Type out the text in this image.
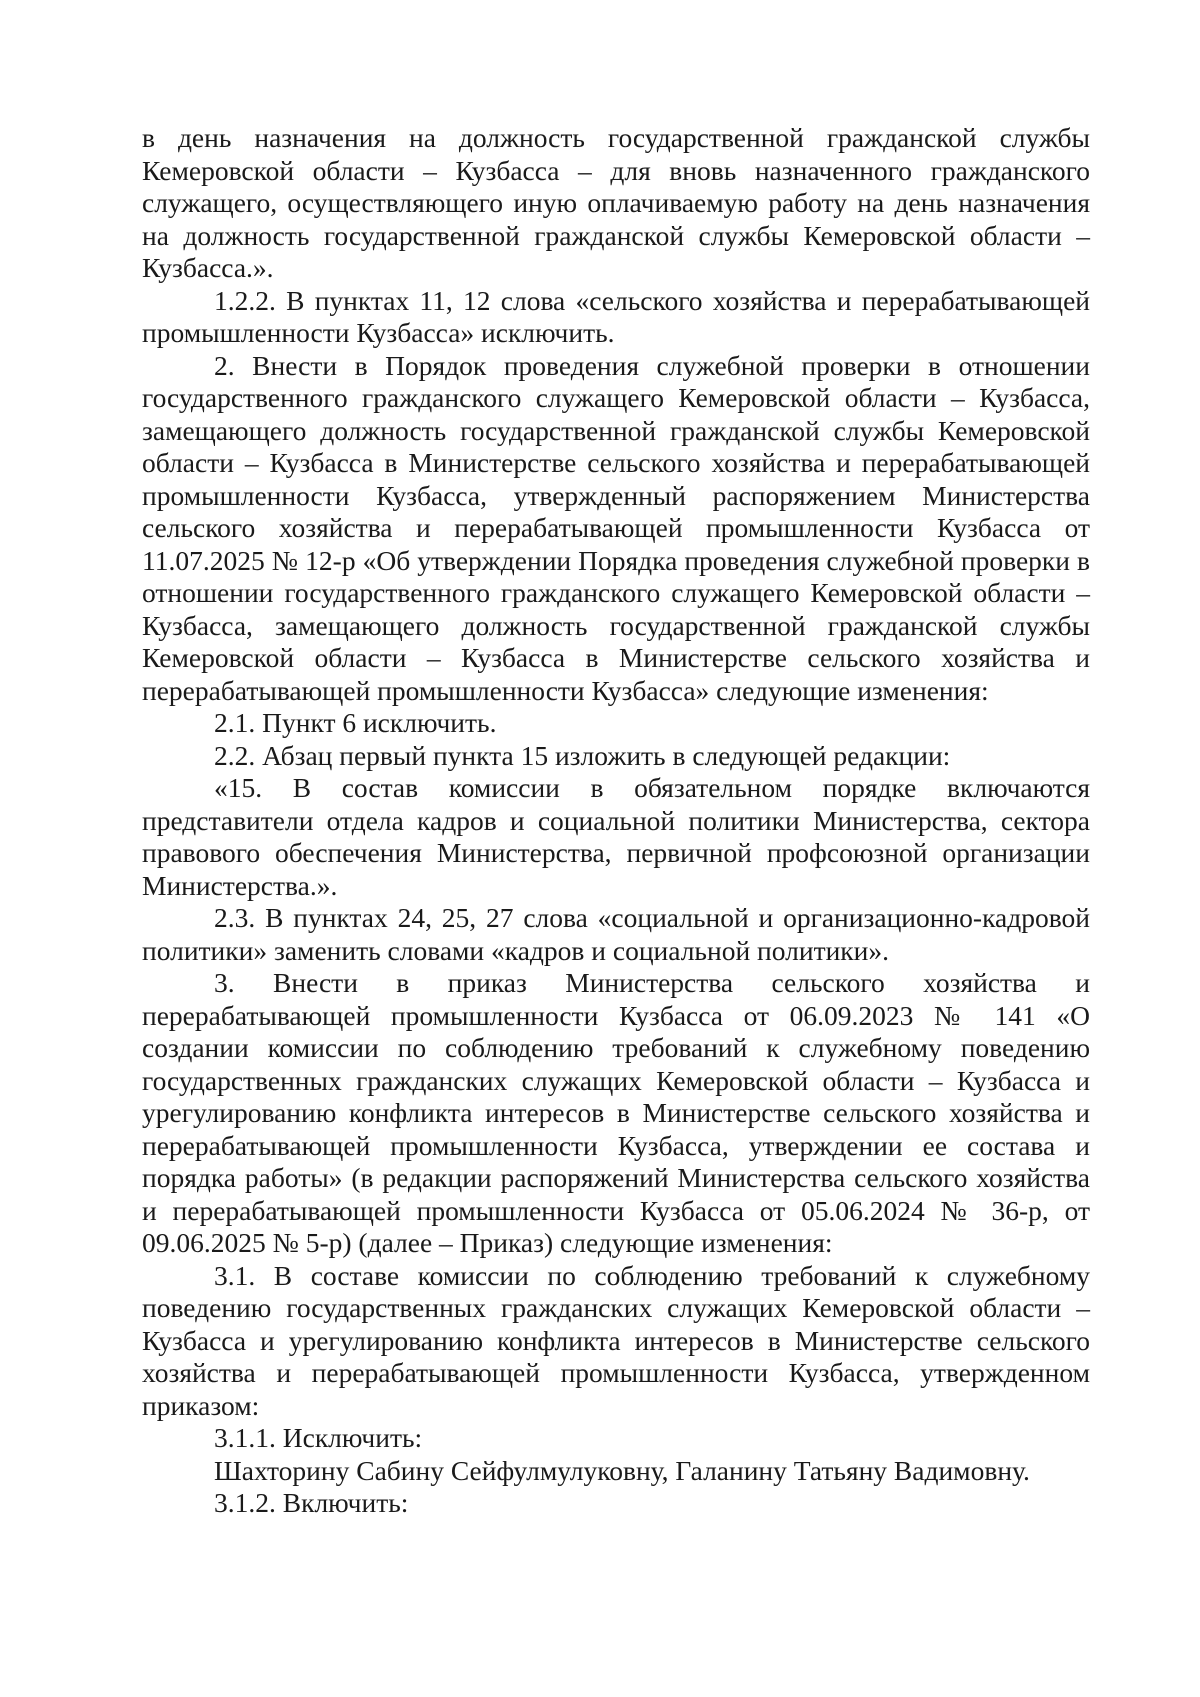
в день назначения на должность государственной гражданской службы Кемеровской области – Кузбасса – для вновь назначенного гражданского служащего, осуществляющего иную оплачиваемую работу на день назначения на должность государственной гражданской службы Кемеровской области – Кузбасса.».

1.2.2. В пунктах 11, 12 слова «сельского хозяйства и перерабатывающей промышленности Кузбасса» исключить.

2. Внести в Порядок проведения служебной проверки в отношении государственного гражданского служащего Кемеровской области – Кузбасса, замещающего должность государственной гражданской службы Кемеровской области – Кузбасса в Министерстве сельского хозяйства и перерабатывающей промышленности Кузбасса, утвержденный распоряжением Министерства сельского хозяйства и перерабатывающей промышленности Кузбасса от 11.07.2025 № 12-р «Об утверждении Порядка проведения служебной проверки в отношении государственного гражданского служащего Кемеровской области – Кузбасса, замещающего должность государственной гражданской службы Кемеровской области – Кузбасса в Министерстве сельского хозяйства и перерабатывающей промышленности Кузбасса» следующие изменения:

2.1. Пункт 6 исключить.

2.2. Абзац первый пункта 15 изложить в следующей редакции:

«15. В состав комиссии в обязательном порядке включаются представители отдела кадров и социальной политики Министерства, сектора правового обеспечения Министерства, первичной профсоюзной организации Министерства.».

2.3. В пунктах 24, 25, 27 слова «социальной и организационно-кадровой политики» заменить словами «кадров и социальной политики».

3. Внести в приказ Министерства сельского хозяйства и перерабатывающей промышленности Кузбасса от 06.09.2023 № 141 «О создании комиссии по соблюдению требований к служебному поведению государственных гражданских служащих Кемеровской области – Кузбасса и урегулированию конфликта интересов в Министерстве сельского хозяйства и перерабатывающей промышленности Кузбасса, утверждении ее состава и порядка работы» (в редакции распоряжений Министерства сельского хозяйства и перерабатывающей промышленности Кузбасса от 05.06.2024 № 36-р, от 09.06.2025 № 5-р) (далее – Приказ) следующие изменения:

3.1. В составе комиссии по соблюдению требований к служебному поведению государственных гражданских служащих Кемеровской области – Кузбасса и урегулированию конфликта интересов в Министерстве сельского хозяйства и перерабатывающей промышленности Кузбасса, утвержденном приказом:

3.1.1. Исключить:

Шахторину Сабину Сейфулмулуковну, Галанину Татьяну Вадимовну.

3.1.2. Включить:
